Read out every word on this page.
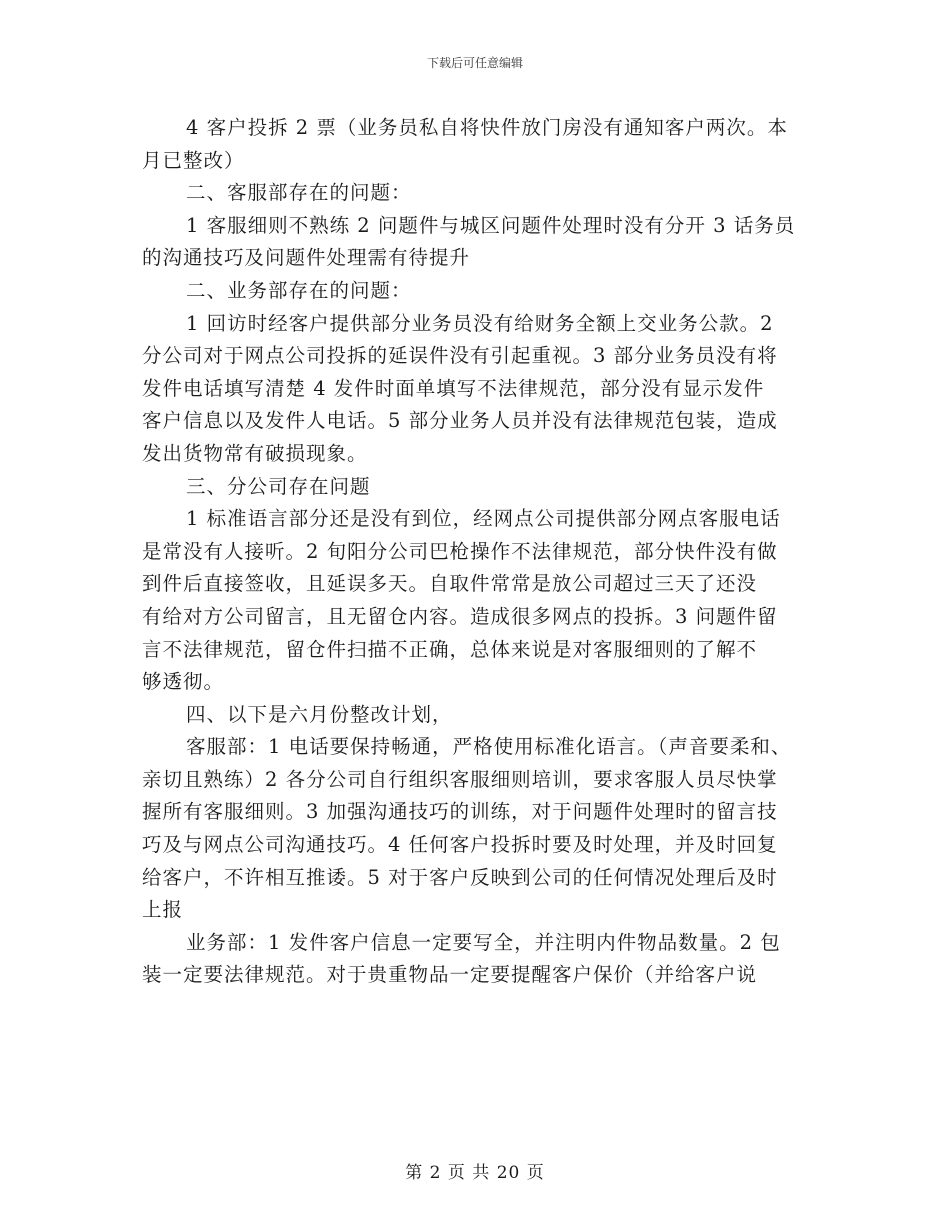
下载后可任意编辑
4 客户投拆 2 票（业务员私自将快件放门房没有通知客户两次。本
月已整改）
二、客服部存在的问题：
1 客服细则不熟练 2 问题件与城区问题件处理时没有分开 3 话务员
的沟通技巧及问题件处理需有待提升
二、业务部存在的问题：
1 回访时经客户提供部分业务员没有给财务全额上交业务公款。2
分公司对于网点公司投拆的延误件没有引起重视。3 部分业务员没有将
发件电话填写清楚 4 发件时面单填写不法律规范，部分没有显示发件
客户信息以及发件人电话。5 部分业务人员并没有法律规范包装，造成
发出货物常有破损现象。
三、分公司存在问题
1 标准语言部分还是没有到位，经网点公司提供部分网点客服电话
是常没有人接听。2 旬阳分公司巴枪操作不法律规范，部分快件没有做
到件后直接签收，且延误多天。自取件常常是放公司超过三天了还没
有给对方公司留言，且无留仓内容。造成很多网点的投拆。3 问题件留
言不法律规范，留仓件扫描不正确，总体来说是对客服细则的了解不
够透彻。
四、以下是六月份整改计划，
客服部：1 电话要保持畅通，严格使用标准化语言。（声音要柔和、
亲切且熟练）2 各分公司自行组织客服细则培训，要求客服人员尽快掌
握所有客服细则。3 加强沟通技巧的训练，对于问题件处理时的留言技
巧及与网点公司沟通技巧。4 任何客户投拆时要及时处理，并及时回复
给客户，不许相互推诿。5 对于客户反映到公司的任何情况处理后及时
上报
业务部：1 发件客户信息一定要写全，并注明内件物品数量。2 包
装一定要法律规范。对于贵重物品一定要提醒客户保价（并给客户说
第 2 页 共 20 页
